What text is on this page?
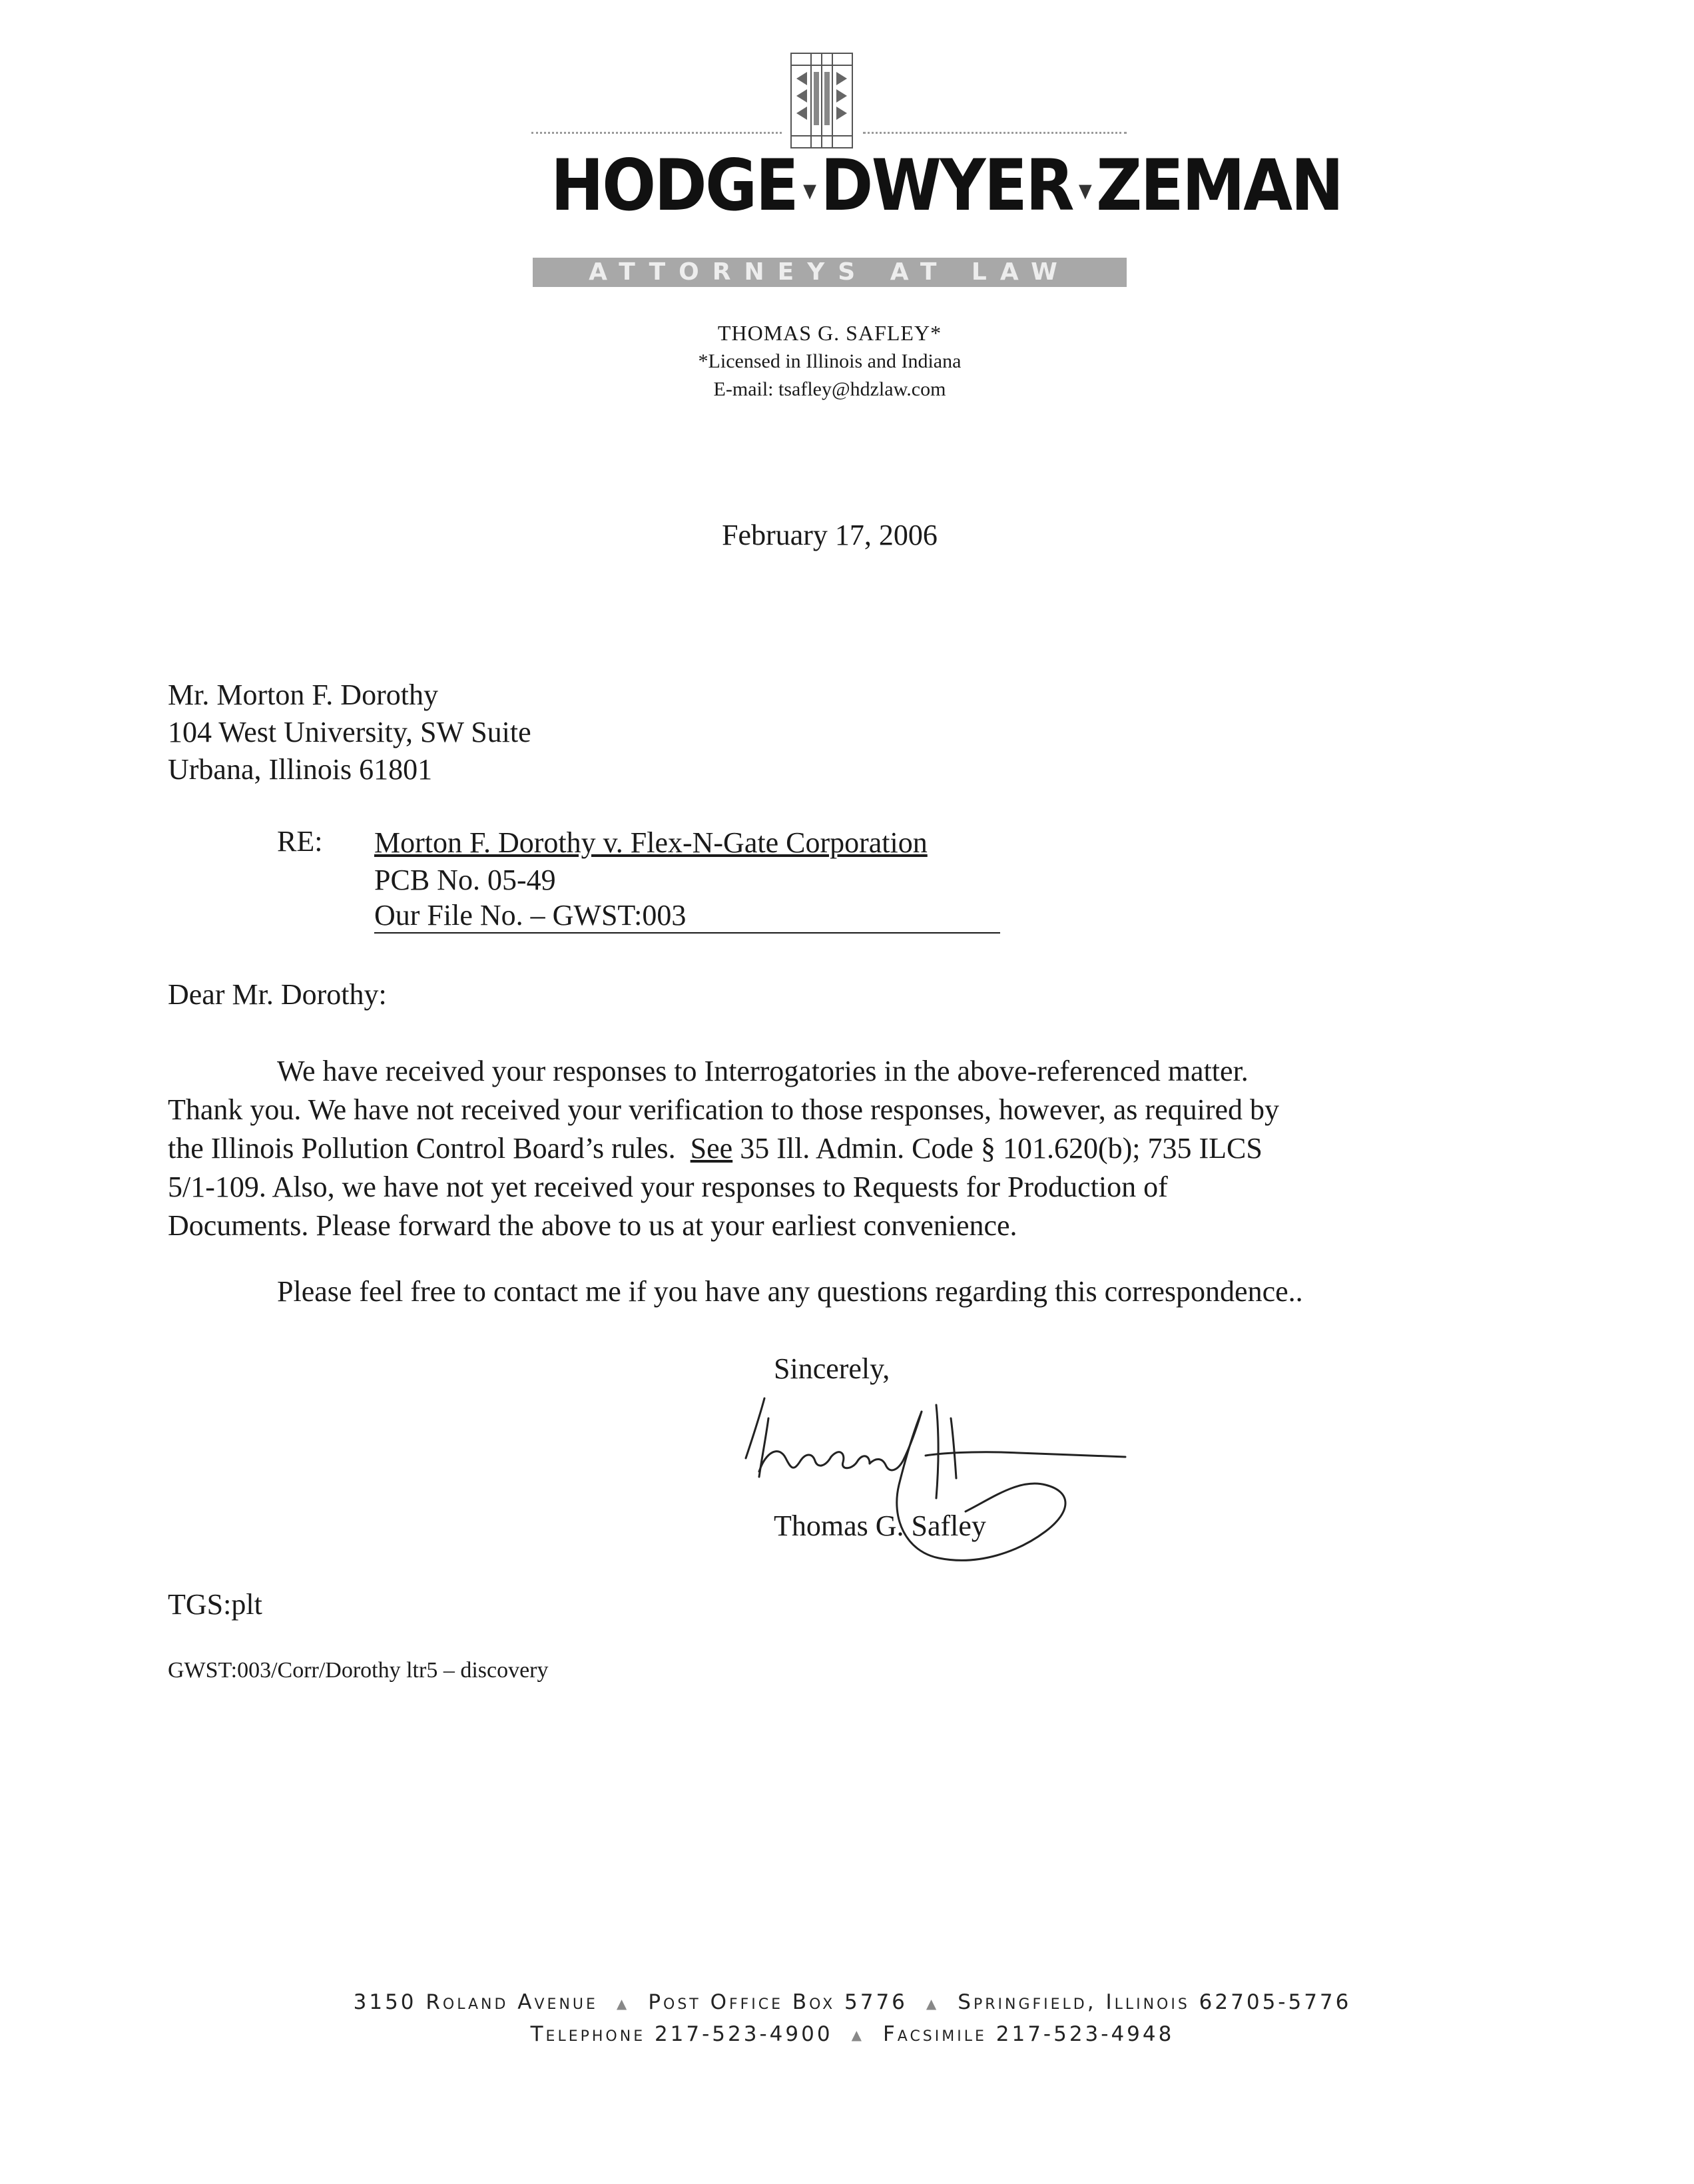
HODGE ▾DWYER ▾ZEMAN
ATTORNEYS AT LAW
THOMAS G. SAFLEY*
*Licensed in Illinois and Indiana
E-mail: tsafley@hdzlaw.com
February 17, 2006
Mr. Morton F. Dorothy
104 West University, SW Suite
Urbana, Illinois 61801
RE: Morton F. Dorothy v. Flex-N-Gate Corporation
PCB No. 05-49
Our File No. – GWST:003
Dear Mr. Dorothy:
We have received your responses to Interrogatories in the above-referenced matter.
Thank you. We have not received your verification to those responses, however, as required by
the Illinois Pollution Control Board’s rules.  See 35 Ill. Admin. Code § 101.620(b); 735 ILCS
5/1-109. Also, we have not yet received your responses to Requests for Production of
Documents. Please forward the above to us at your earliest convenience.
Please feel free to contact me if you have any questions regarding this correspondence..
Sincerely,
Thomas G. Safley
TGS:plt
GWST:003/Corr/Dorothy ltr5 – discovery
3150 Roland Avenue ▲ Post Office Box 5776 ▲ Springfield, Illinois 62705-5776
Telephone 217-523-4900 ▲ Facsimile 217-523-4948
